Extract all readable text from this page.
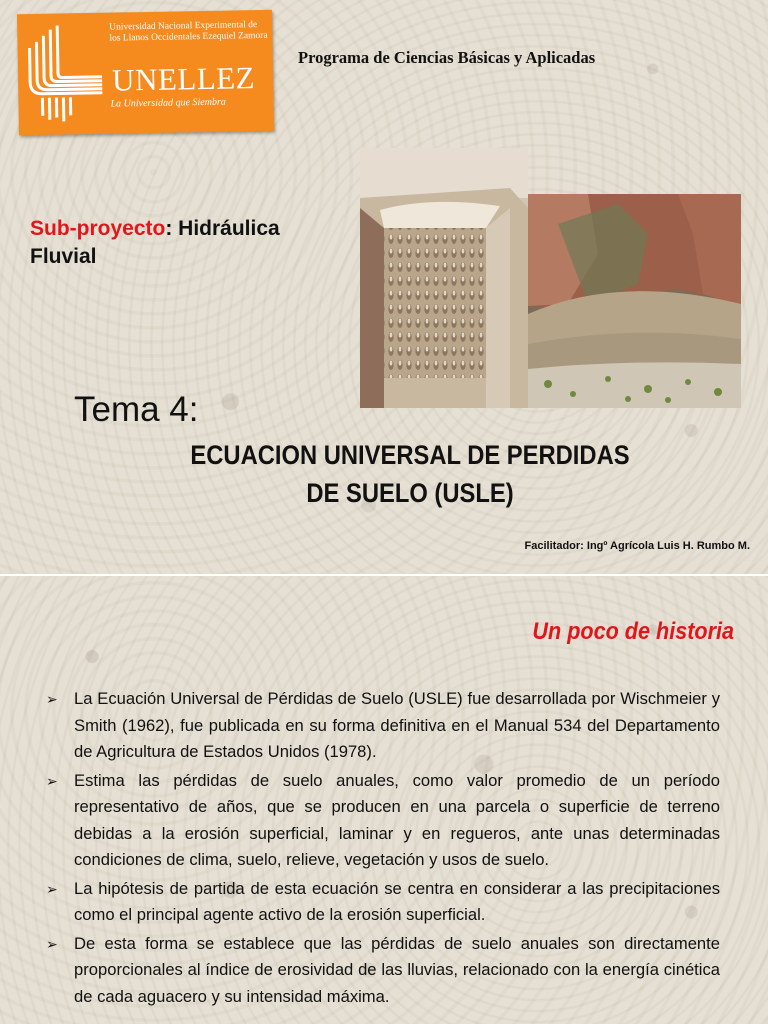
Universidad Nacional Experimental de los Llanos Occidentales Ezequiel Zamora
UNELLEZ
La Universidad que Siembra
Programa de Ciencias Básicas y Aplicadas
Sub-proyecto: Hidráulica Fluvial
Tema 4:
ECUACION UNIVERSAL DE PERDIDAS
DE SUELO (USLE)
Facilitador: Ingº Agrícola Luis H. Rumbo M.
Un poco de historia
➢ La Ecuación Universal de Pérdidas de Suelo (USLE) fue desarrollada por Wischmeier y Smith (1962), fue publicada en su forma definitiva en el Manual 534 del Departamento de Agricultura de Estados Unidos (1978).
➢ Estima las pérdidas de suelo anuales, como valor promedio de un período representativo de años, que se producen en una parcela o superficie de terreno debidas a la erosión superficial, laminar y en regueros, ante unas determinadas condiciones de clima, suelo, relieve, vegetación y usos de suelo.
➢ La hipótesis de partida de esta ecuación se centra en considerar a las precipitaciones como el principal agente activo de la erosión superficial.
➢ De esta forma se establece que las pérdidas de suelo anuales son directamente proporcionales al índice de erosividad de las lluvias, relacionado con la energía cinética de cada aguacero y su intensidad máxima.
